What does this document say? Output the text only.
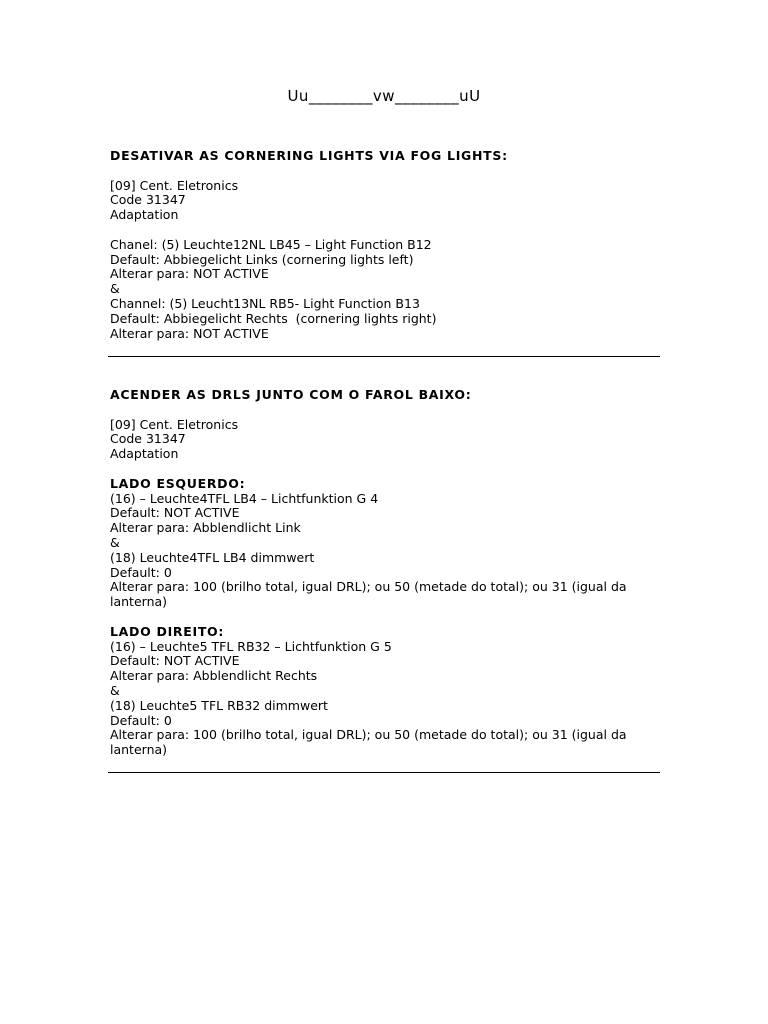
Uu________vw________uU

DESATIVAR AS CORNERING LIGHTS VIA FOG LIGHTS:

[09] Cent. Eletronics

Code 31347

Adaptation

Chanel: (5) Leuchte12NL LB45 – Light Function B12

Default: Abbiegelicht Links (cornering lights left)

Alterar para: NOT ACTIVE

&

Channel: (5) Leucht13NL RB5- Light Function B13

Default: Abbiegelicht Rechts  (cornering lights right)

Alterar para: NOT ACTIVE

ACENDER AS DRLS JUNTO COM O FAROL BAIXO:

[09] Cent. Eletronics

Code 31347

Adaptation

LADO ESQUERDO:

(16) – Leuchte4TFL LB4 – Lichtfunktion G 4

Default: NOT ACTIVE

Alterar para: Abblendlicht Link

&

(18) Leuchte4TFL LB4 dimmwert

Default: 0

Alterar para: 100 (brilho total, igual DRL); ou 50 (metade do total); ou 31 (igual da lanterna)

LADO DIREITO:

(16) – Leuchte5 TFL RB32 – Lichtfunktion G 5

Default: NOT ACTIVE

Alterar para: Abblendlicht Rechts

&

(18) Leuchte5 TFL RB32 dimmwert

Default: 0

Alterar para: 100 (brilho total, igual DRL); ou 50 (metade do total); ou 31 (igual da lanterna)
